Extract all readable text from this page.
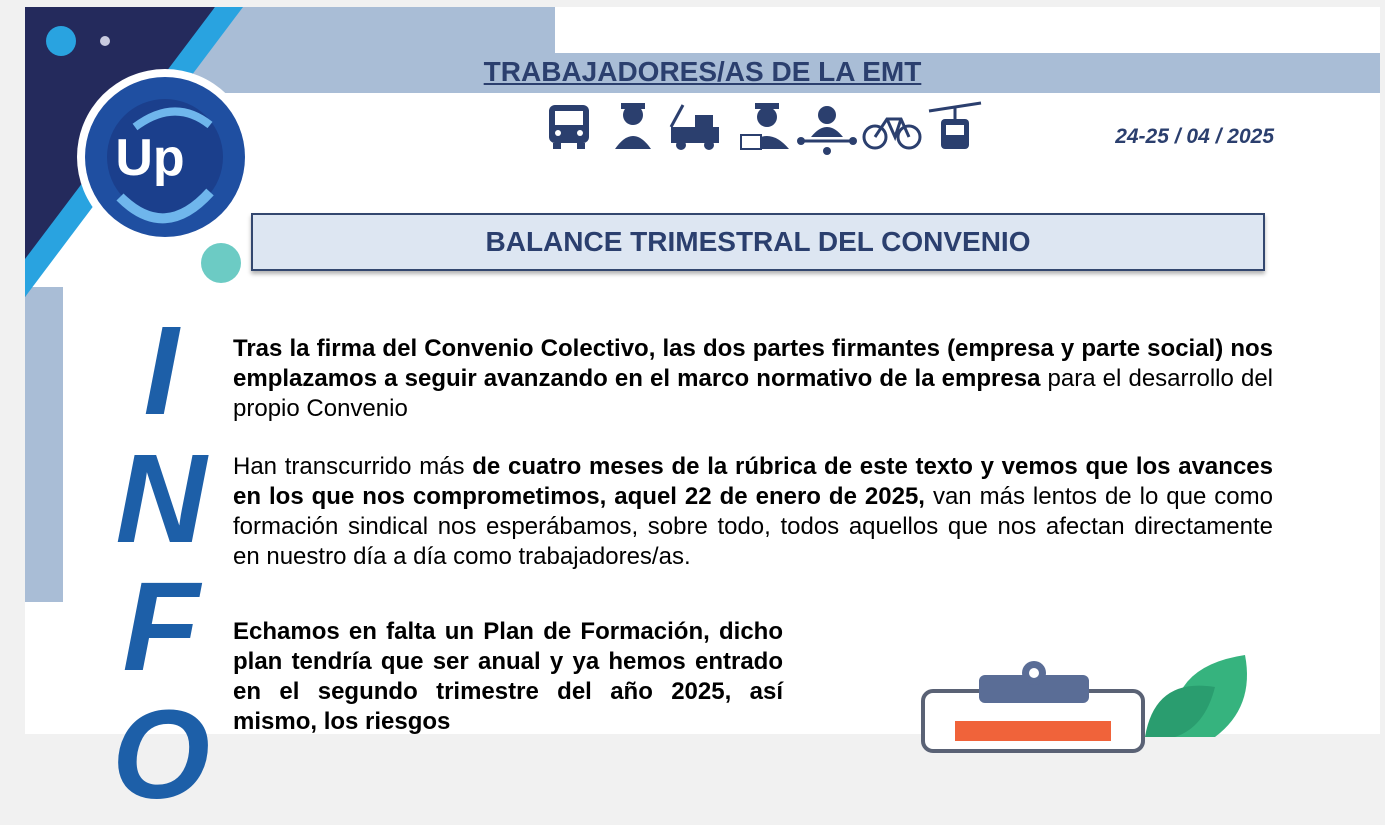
Up
TRABAJADORES/AS DE LA EMT
24-25 / 04 / 2025
BALANCE TRIMESTRAL DEL CONVENIO
I
N
F
O

Tras la firma del Convenio Colectivo, las dos partes firmantes (empresa y parte social) nos emplazamos a seguir avanzando en el marco normativo de la empresa para el desarrollo del propio Convenio

Han transcurrido más de cuatro meses de la rúbrica de este texto y vemos que los avances en los que nos comprometimos, aquel 22 de enero de 2025, van más lentos de lo que como formación sindical nos esperábamos, sobre todo, todos aquellos que nos afectan directamente en nuestro día a día como trabajadores/as.

Echamos en falta un Plan de Formación, dicho plan tendría que ser anual y ya hemos entrado en el segundo trimestre del año 2025, así mismo, los riesgos
